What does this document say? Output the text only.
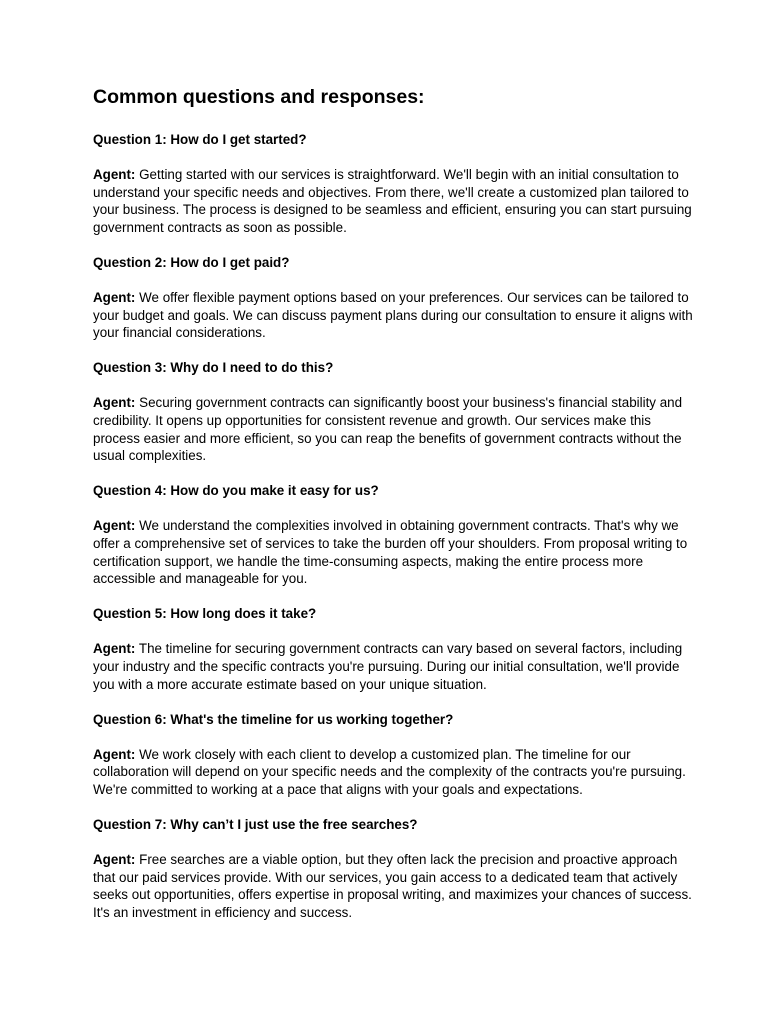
Common questions and responses:

Question 1: How do I get started?

Agent: Getting started with our services is straightforward. We'll begin with an initial consultation to understand your specific needs and objectives. From there, we'll create a customized plan tailored to your business. The process is designed to be seamless and efficient, ensuring you can start pursuing government contracts as soon as possible.

Question 2: How do I get paid?

Agent: We offer flexible payment options based on your preferences. Our services can be tailored to your budget and goals. We can discuss payment plans during our consultation to ensure it aligns with your financial considerations.

Question 3: Why do I need to do this?

Agent: Securing government contracts can significantly boost your business's financial stability and credibility. It opens up opportunities for consistent revenue and growth. Our services make this process easier and more efficient, so you can reap the benefits of government contracts without the usual complexities.

Question 4: How do you make it easy for us?

Agent: We understand the complexities involved in obtaining government contracts. That's why we offer a comprehensive set of services to take the burden off your shoulders. From proposal writing to certification support, we handle the time-consuming aspects, making the entire process more accessible and manageable for you.

Question 5: How long does it take?

Agent: The timeline for securing government contracts can vary based on several factors, including your industry and the specific contracts you're pursuing. During our initial consultation, we'll provide you with a more accurate estimate based on your unique situation.

Question 6: What's the timeline for us working together?

Agent: We work closely with each client to develop a customized plan. The timeline for our collaboration will depend on your specific needs and the complexity of the contracts you're pursuing. We're committed to working at a pace that aligns with your goals and expectations.

Question 7: Why can’t I just use the free searches?

Agent: Free searches are a viable option, but they often lack the precision and proactive approach that our paid services provide. With our services, you gain access to a dedicated team that actively seeks out opportunities, offers expertise in proposal writing, and maximizes your chances of success. It's an investment in efficiency and success.
